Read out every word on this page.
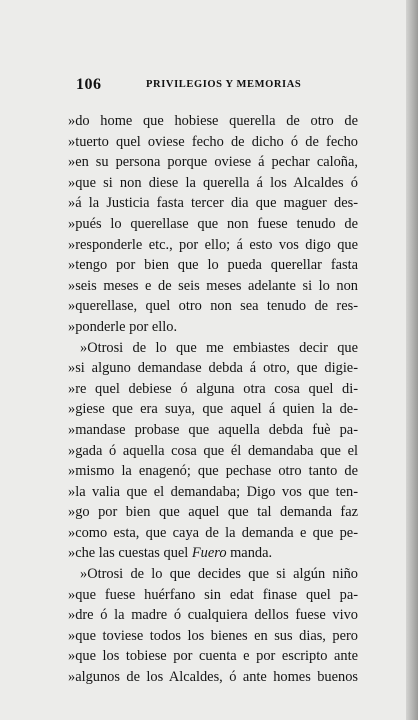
106	PRIVILEGIOS Y MEMORIAS
»do home que hobiese querella de otro de
»tuerto quel oviese fecho de dicho ó de fecho
»en su persona porque oviese á pechar caloña,
»que si non diese la querella á los Alcaldes ó
»á la Justicia fasta tercer dia que maguer des-
»pués lo querellase que non fuese tenudo de
»responderle etc., por ello; á esto vos digo que
»tengo por bien que lo pueda querellar fasta
»seis meses e de seis meses adelante si lo non
»querellase, quel otro non sea tenudo de res-
»ponderle por ello.
»Otrosi de lo que me embiastes decir que
»si alguno demandase debda á otro, que digie-
»re quel debiese ó alguna otra cosa quel di-
»giese que era suya, que aquel á quien la de-
»mandase probase que aquella debda fuè pa-
»gada ó aquella cosa que él demandaba que el
»mismo la enagenó; que pechase otro tanto de
»la valia que el demandaba; Digo vos que ten-
»go por bien que aquel que tal demanda faz
»como esta, que caya de la demanda e que pe-
»che las cuestas quel Fuero manda.
»Otrosi de lo que decides que si algún niño
»que fuese huérfano sin edat finase quel pa-
»dre ó la madre ó cualquiera dellos fuese vivo
»que toviese todos los bienes en sus dias, pero
»que los tobiese por cuenta e por escripto ante
»algunos de los Alcaldes, ó ante homes buenos
